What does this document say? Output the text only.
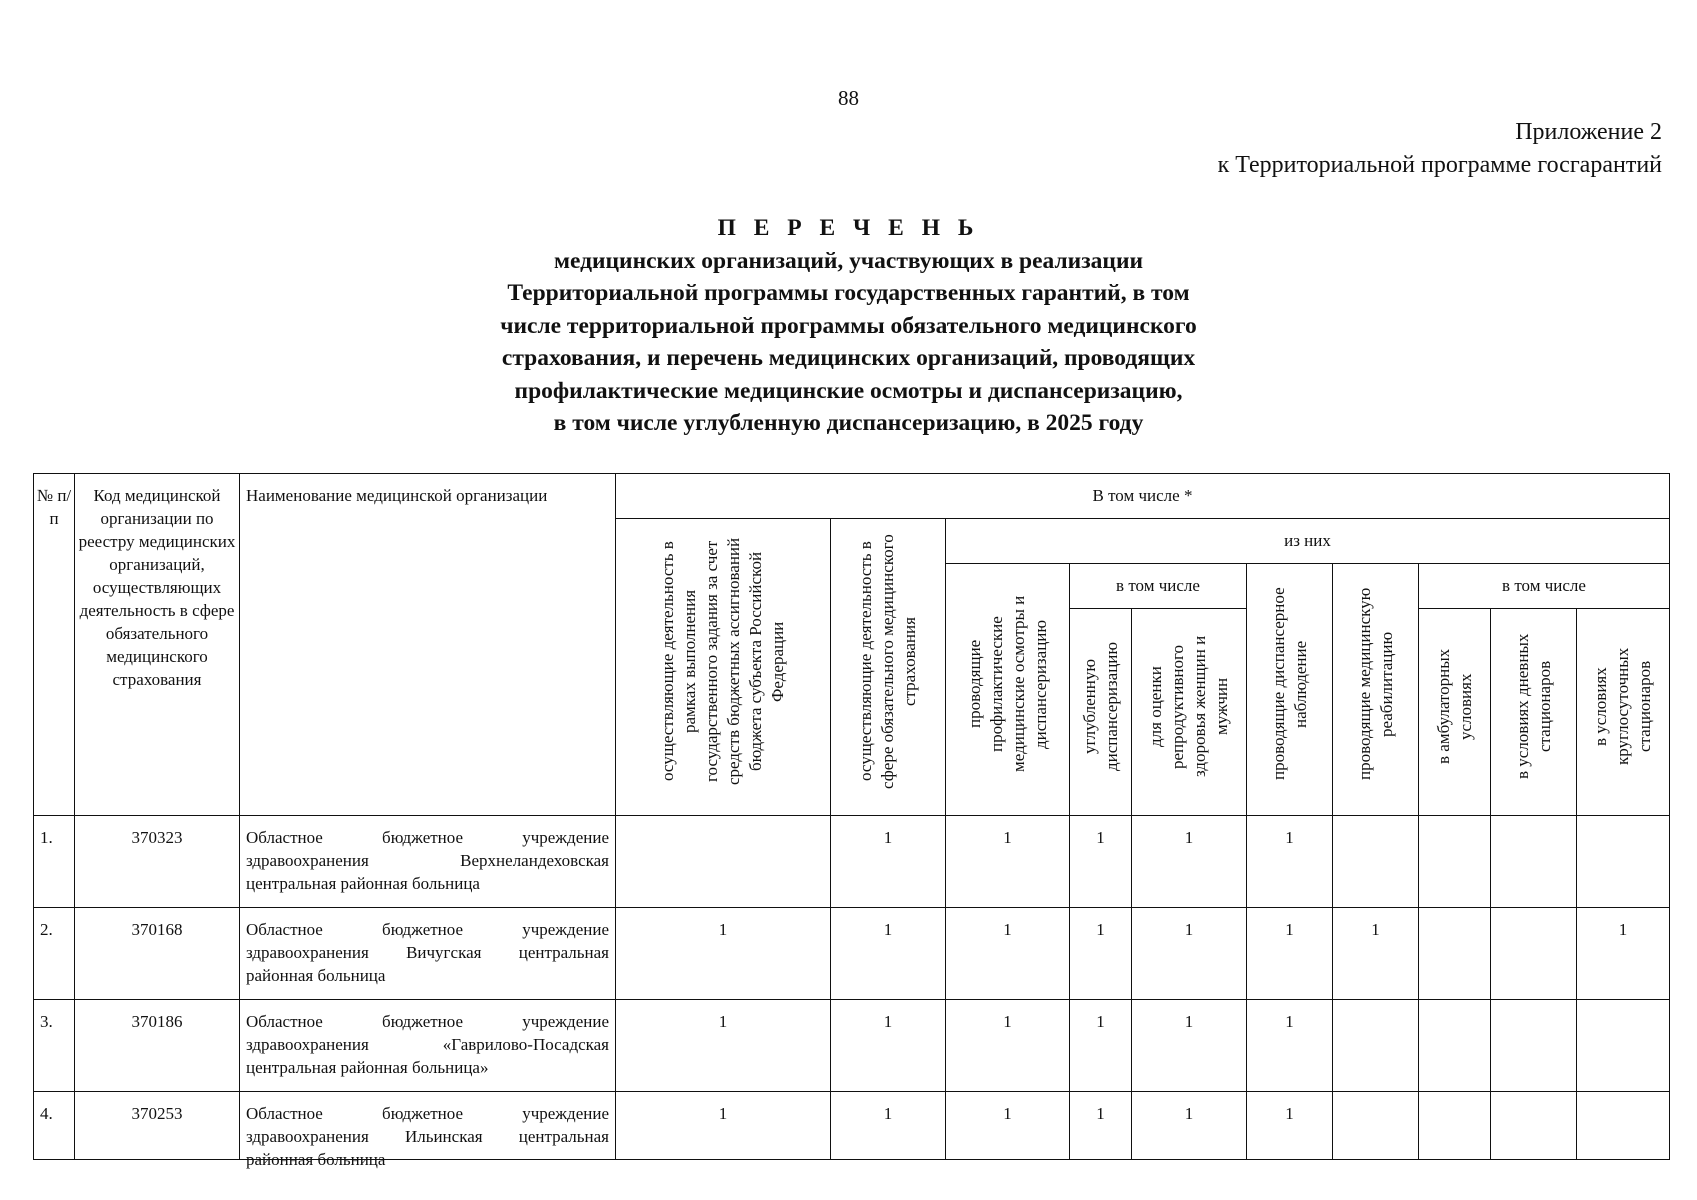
88
Приложение 2
к Территориальной программе госгарантий
П Е Р Е Ч Е Н Ь
медицинских организаций, участвующих в реализации
Территориальной программы государственных гарантий, в том
числе территориальной программы обязательного медицинского
страхования, и перечень медицинских организаций, проводящих
профилактические медицинские осмотры и диспансеризацию,
в том числе углубленную диспансеризацию, в 2025 году
№ п/п	Код медицинской организации по реестру медицинских организаций, осуществляющих деятельность в сфере обязательного медицинского страхования	Наименование медицинской организации	В том числе *									

			осуществляющие деятельность в рамках выполнения государственного задания за счет средств бюджетных ассигнований бюджета субъекта Российской Федерации	осуществляющие деятельность в сфере обязательного медицинского страхования	из них							

					проводящие профилактические медицинские осмотры и диспансеризацию	в том числе		проводящие диспансерное наблюдение	проводящие медицинскую реабилитацию	в том числе		

						углубленную диспансеризацию	для оценки репродуктивного здоровья женщин и мужчин			в амбулаторных условиях	в условиях дневных стационаров	в условиях круглосуточных стационаров

1.	370323	Областное бюджетное учреждение здравоохранения Верхнеландеховская центральная районная больница		1	1	1	1	1				
2.	370168	Областное бюджетное учреждение здравоохранения Вичугская центральная районная больница	1	1	1	1	1	1	1			1
3.	370186	Областное бюджетное учреждение здравоохранения «Гаврилово-Посадская центральная районная больница»	1	1	1	1	1	1				
4.	370253	Областное бюджетное учреждение здравоохранения Ильинская центральная районная больница	1	1	1	1	1	1				
